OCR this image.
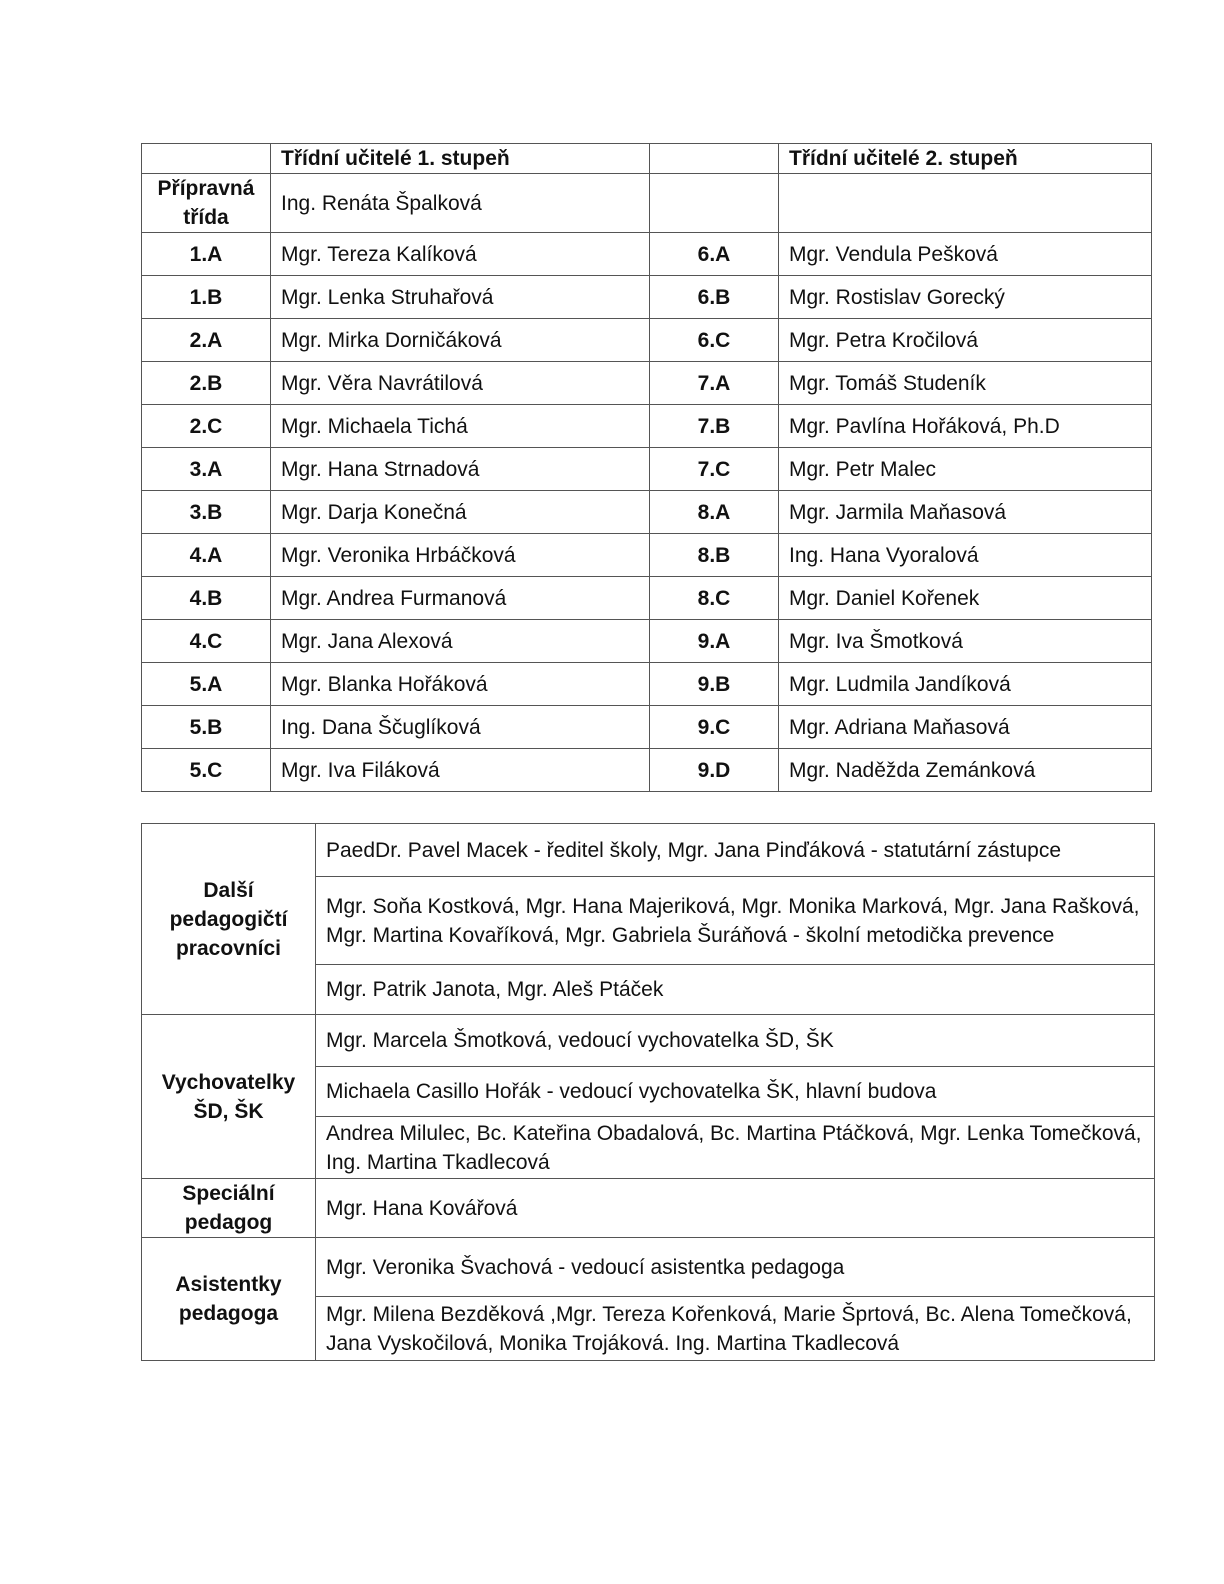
	Třídní učitelé 1. stupeň		Třídní učitelé 2. stupeň
Přípravná třída	Ing. Renáta Špalková		
1.A	Mgr. Tereza Kalíková	6.A	Mgr. Vendula Pešková
1.B	Mgr. Lenka Struhařová	6.B	Mgr. Rostislav Gorecký
2.A	Mgr. Mirka Dorničáková	6.C	Mgr. Petra Kročilová
2.B	Mgr. Věra Navrátilová	7.A	Mgr. Tomáš Studeník
2.C	Mgr. Michaela Tichá	7.B	Mgr. Pavlína Hořáková, Ph.D
3.A	Mgr. Hana Strnadová	7.C	Mgr. Petr Malec
3.B	Mgr. Darja Konečná	8.A	Mgr. Jarmila Maňasová
4.A	Mgr. Veronika Hrbáčková	8.B	Ing. Hana Vyoralová
4.B	Mgr. Andrea Furmanová	8.C	Mgr. Daniel Kořenek
4.C	Mgr. Jana Alexová	9.A	Mgr. Iva Šmotková
5.A	Mgr. Blanka Hořáková	9.B	Mgr. Ludmila Jandíková
5.B	Ing. Dana Ščuglíková	9.C	Mgr. Adriana Maňasová
5.C	Mgr. Iva Filáková	9.D	Mgr. Naděžda Zemánková
Další pedagogičtí pracovníci	PaedDr. Pavel Macek - ředitel školy, Mgr. Jana Pinďáková - statutární zástupce
	Mgr. Soňa Kostková, Mgr. Hana Majeriková, Mgr. Monika Marková, Mgr. Jana Rašková, Mgr. Martina Kovaříková, Mgr. Gabriela Šuráňová - školní metodička prevence
	Mgr. Patrik Janota, Mgr. Aleš Ptáček
Vychovatelky ŠD, ŠK	Mgr. Marcela Šmotková, vedoucí vychovatelka ŠD, ŠK
	Michaela Casillo Hořák - vedoucí vychovatelka ŠK, hlavní budova
	Andrea Milulec, Bc. Kateřina Obadalová, Bc. Martina Ptáčková, Mgr. Lenka Tomečková, Ing. Martina Tkadlecová
Speciální pedagog	Mgr. Hana Kovářová
Asistentky pedagoga	Mgr. Veronika Švachová - vedoucí asistentka pedagoga
	Mgr. Milena Bezděková ,Mgr. Tereza Kořenková, Marie Šprtová, Bc. Alena Tomečková, Jana Vyskočilová, Monika Trojáková. Ing. Martina Tkadlecová
